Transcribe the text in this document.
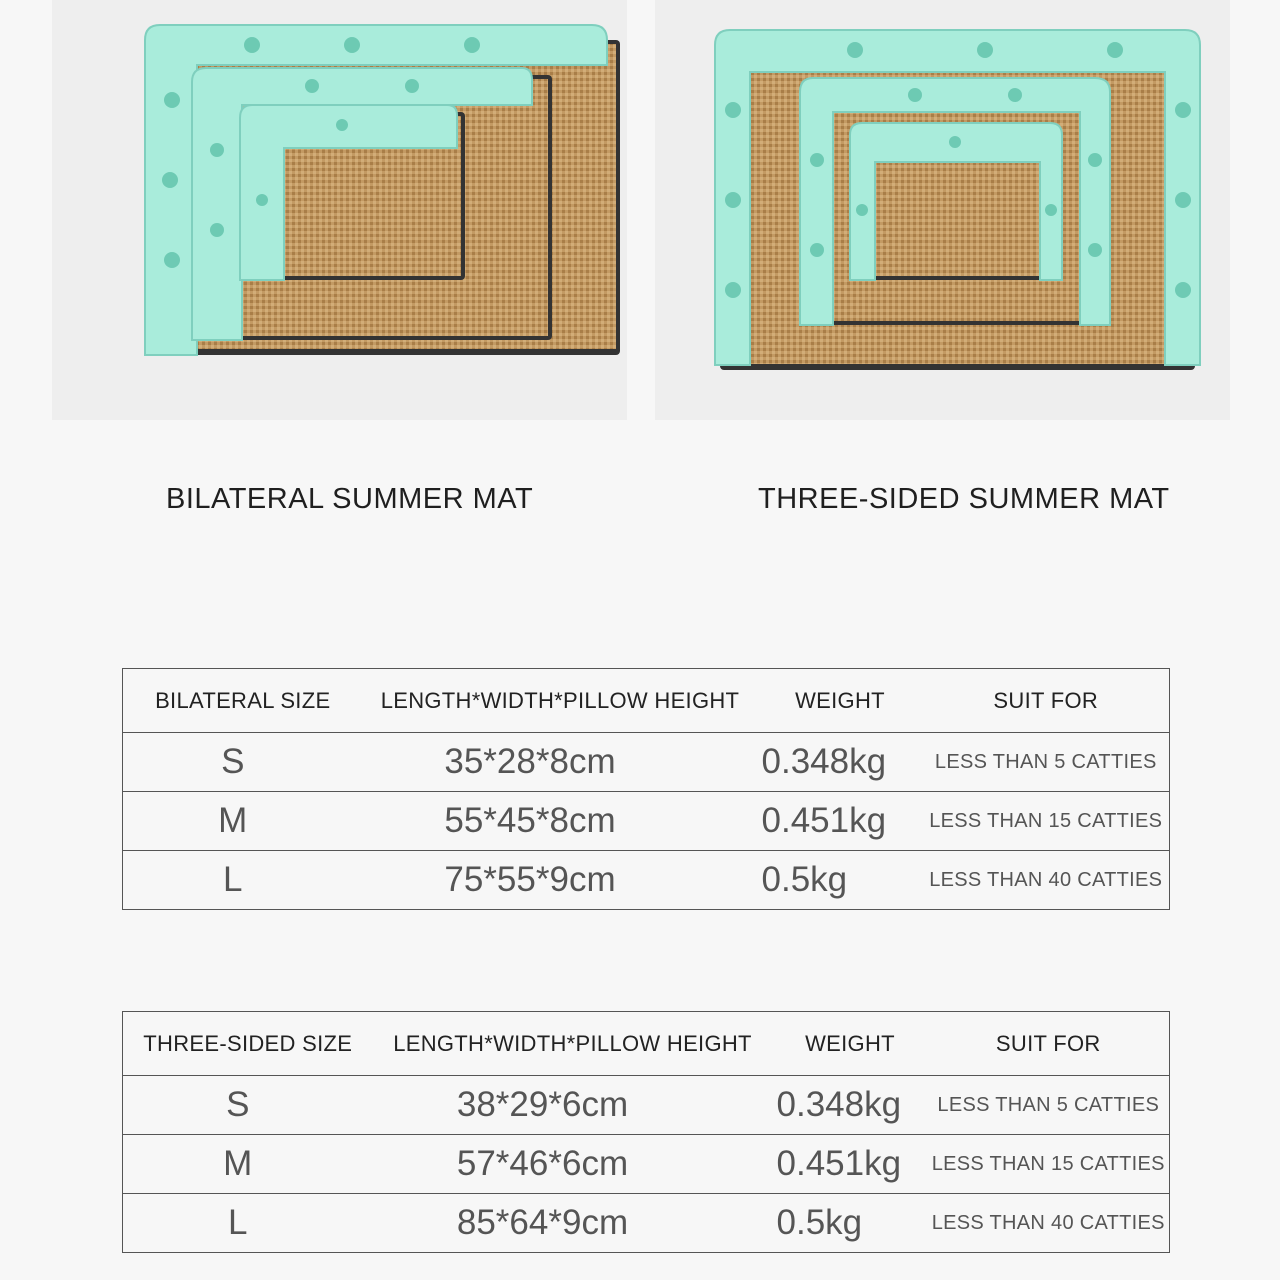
BILATERAL SUMMER MAT	THREE-SIDED SUMMER MAT
BILATERAL SIZE	LENGTH*WIDTH*PILLOW HEIGHT	WEIGHT	SUIT FOR
S	35*28*8cm	0.348kg	LESS THAN 5 CATTIES
M	55*45*8cm	0.451kg	LESS THAN 15 CATTIES
L	75*55*9cm	0.5kg	LESS THAN 40 CATTIES
THREE-SIDED SIZE	LENGTH*WIDTH*PILLOW HEIGHT	WEIGHT	SUIT FOR
S	38*29*6cm	0.348kg	LESS THAN 5 CATTIES
M	57*46*6cm	0.451kg	LESS THAN 15 CATTIES
L	85*64*9cm	0.5kg	LESS THAN 40 CATTIES
